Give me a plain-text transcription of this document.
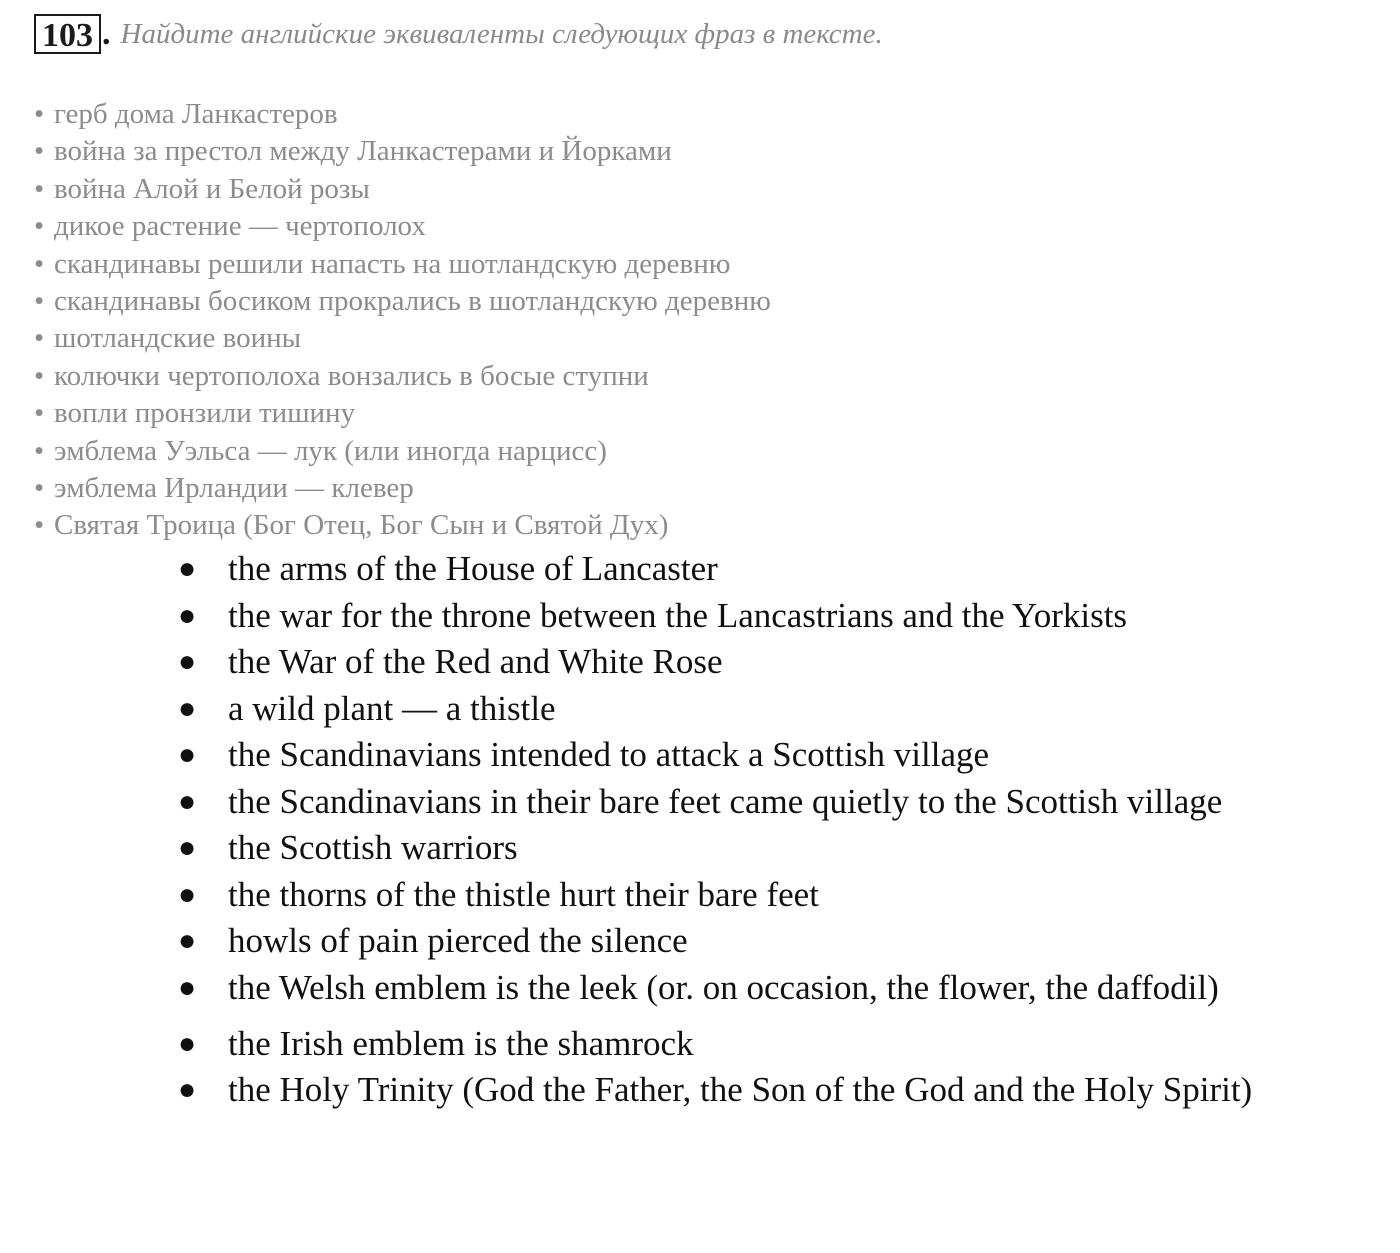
103 . Найдите английские эквиваленты следующих фраз в тексте.
• герб дома Ланкастеров
• война за престол между Ланкастерами и Йорками
• война Алой и Белой розы
• дикое растение — чертополох
• скандинавы решили напасть на шотландскую деревню
• скандинавы босиком прокрались в шотландскую деревню
• шотландские воины
• колючки чертополоха вонзались в босые ступни
• вопли пронзили тишину
• эмблема Уэльса — лук (или иногда нарцисс)
• эмблема Ирландии — клевер
• Святая Троица (Бог Отец, Бог Сын и Святой Дух)
● the arms of the House of Lancaster
● the war for the throne between the Lancastrians and the Yorkists
● the War of the Red and White Rose
● a wild plant — a thistle
● the Scandinavians intended to attack a Scottish village
● the Scandinavians in their bare feet came quietly to the Scottish village
● the Scottish warriors
● the thorns of the thistle hurt their bare feet
● howls of pain pierced the silence
● the Welsh emblem is the leek (or. on occasion, the flower, the daffodil)
● the Irish emblem is the shamrock
● the Holy Trinity (God the Father, the Son of the God and the Holy Spirit)
